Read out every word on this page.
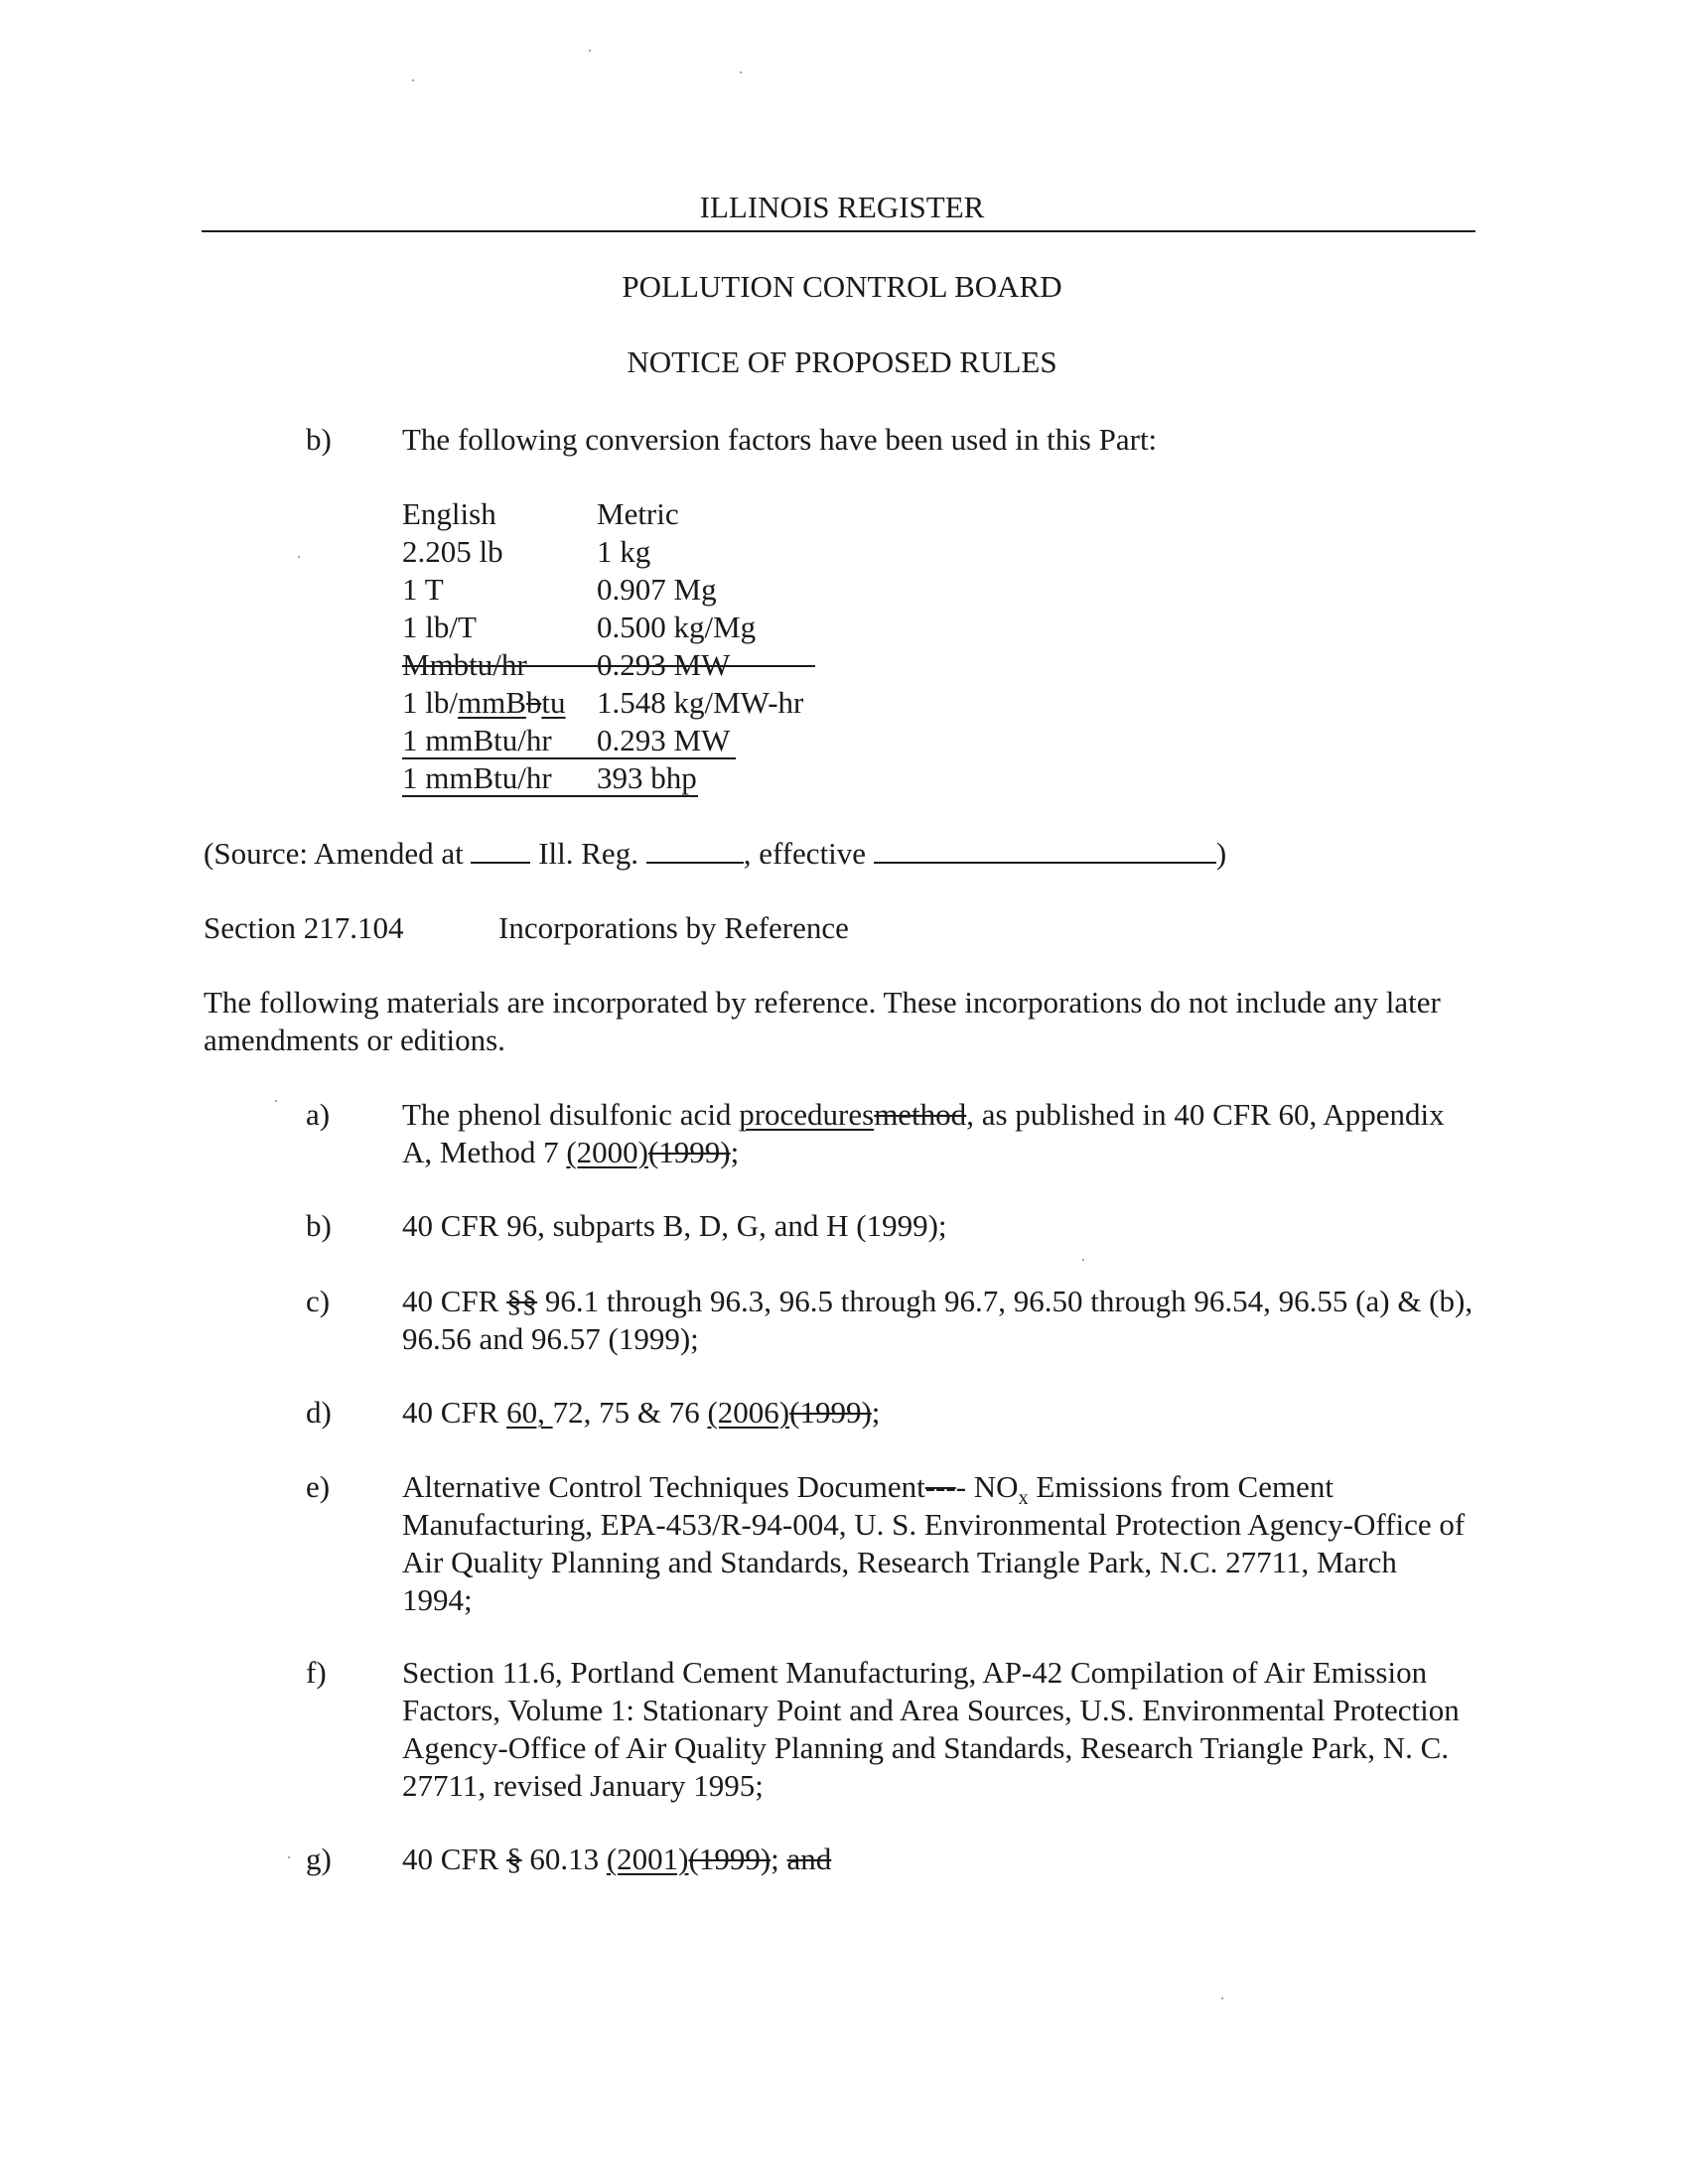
ILLINOIS REGISTER
POLLUTION CONTROL BOARD
NOTICE OF PROPOSED RULES
b) The following conversion factors have been used in this Part:
English	Metric
2.205 lb	1 kg
1 T	0.907 Mg
1 lb/T	0.500 kg/Mg
Mmbtu/hr 0.293 MW
1 lb/mmBbtu 1.548 kg/MW-hr
1 mmBtu/hr 0.293 MW
1 mmBtu/hr 393 bhp
(Source: Amended at Ill. Reg.	, effective	)
Section 217.104	Incorporations by Reference
The following materials are incorporated by reference. These incorporations do not include any later amendments or editions.
a) The phenol disulfonic acid proceduresmethod, as published in 40 CFR 60, Appendix A, Method 7 (2000)(1999);
b) 40 CFR 96, subparts B, D, G, and H (1999);
c) 40 CFR §§ 96.1 through 96.3, 96.5 through 96.7, 96.50 through 96.54, 96.55 (a) & (b), 96.56 and 96.57 (1999);
d) 40 CFR 60, 72, 75 & 76 (2006)(1999);
e) Alternative Control Techniques Document---- $NO_x$ Emissions from Cement Manufacturing, EPA-453/R-94-004, U. S. Environmental Protection Agency-Office of Air Quality Planning and Standards, Research Triangle Park, N.C. 27711, March 1994;
f) Section 11.6, Portland Cement Manufacturing, AP-42 Compilation of Air Emission Factors, Volume 1: Stationary Point and Area Sources, U.S. Environmental Protection Agency-Office of Air Quality Planning and Standards, Research Triangle Park, N. C. 27711, revised January 1995;
g) 40 CFR § 60.13 (2001)(1999); and
